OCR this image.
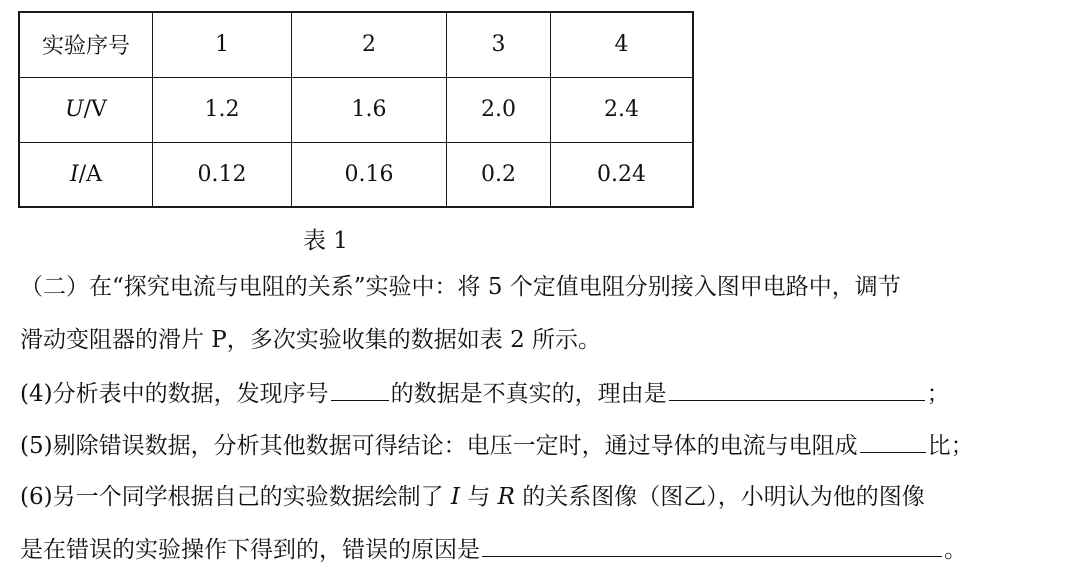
实验序号	1	2	3	4
U/V	1.2	1.6	2.0	2.4
I/A	0.12	0.16	0.2	0.24
表 1
（二）在“探究电流与电阻的关系”实验中：将 5 个定值电阻分别接入图甲电路中，调节
滑动变阻器的滑片 P，多次实验收集的数据如表 2 所示。
(4)分析表中的数据，发现序号	的数据是不真实的，理由是	；
(5)剔除错误数据，分析其他数据可得结论：电压一定时，通过导体的电流与电阻成	比；
(6)另一个同学根据自己的实验数据绘制了 I 与 R 的关系图像（图乙），小明认为他的图像
是在错误的实验操作下得到的，错误的原因是	。
